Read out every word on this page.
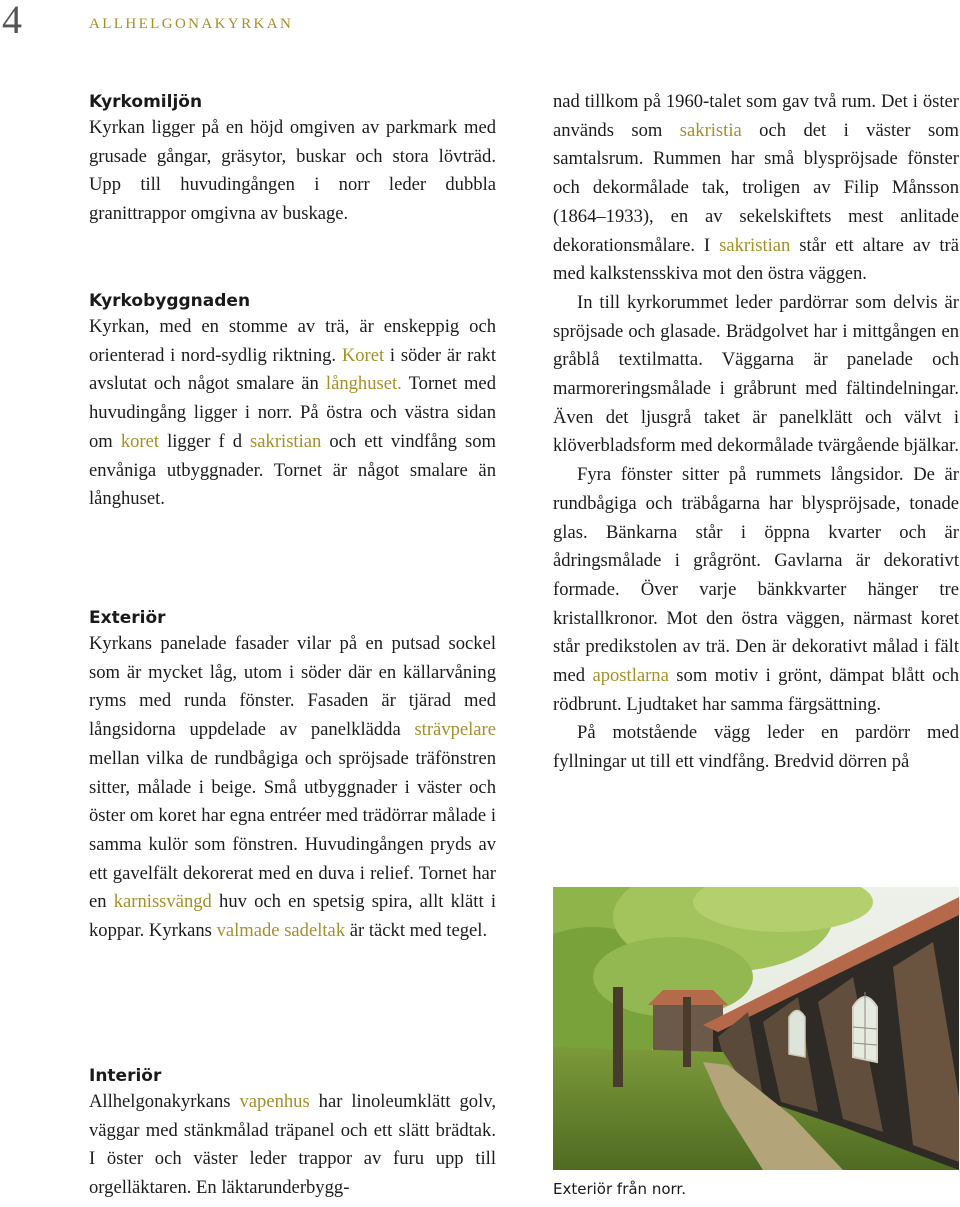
4	ALLHELGONAKYRKAN
Kyrkomiljön

Kyrkan ligger på en höjd omgiven av parkmark med grusade gångar, gräsytor, buskar och stora lövträd. Upp till huvudingången i norr leder dubbla granittrappor omgivna av buskage.

Kyrkobyggnaden

Kyrkan, med en stomme av trä, är enskeppig och orienterad i nord-sydlig riktning. Koret i söder är rakt avslutat och något smalare än långhuset. Tornet med huvudingång ligger i norr. På östra och västra sidan om koret ligger f d sakristian och ett vindfång som envåniga utbyggnader. Tornet är något smalare än långhuset.

Exteriör

Kyrkans panelade fasader vilar på en putsad sockel som är mycket låg, utom i söder där en källarvåning ryms med runda fönster. Fasaden är tjärad med långsidorna uppdelade av panelklädda strävpelare mellan vilka de rundbågiga och spröjsade träfönstren sitter, målade i beige. Små utbyggnader i väster och öster om koret har egna entréer med trädörrar målade i samma kulör som fönstren. Huvudingången pryds av ett gavelfält dekorerat med en duva i relief. Tornet har en karnissvängd huv och en spetsig spira, allt klätt i koppar. Kyrkans valmade sadeltak är täckt med tegel.

Interiör

Allhelgonakyrkans vapenhus har linoleumklätt golv, väggar med stänkmålad träpanel och ett slätt brädtak. I öster och väster leder trappor av furu upp till orgelläktaren. En läktarunderbygg-

nad tillkom på 1960-talet som gav två rum. Det i öster används som sakristia och det i väster som samtalsrum. Rummen har små blyspröjsade fönster och dekormålade tak, troligen av Filip Månsson (1864–1933), en av sekelskiftets mest anlitade dekorationsmålare. I sakristian står ett altare av trä med kalkstensskiva mot den östra väggen.

In till kyrkorummet leder pardörrar som delvis är spröjsade och glasade. Brädgolvet har i mittgången en gråblå textilmatta. Väggarna är panelade och marmoreringsmålade i gråbrunt med fältindelningar. Även det ljusgrå taket är panelklätt och välvt i klöverbladsform med dekormålade tvärgående bjälkar.

Fyra fönster sitter på rummets långsidor. De är rundbågiga och träbågarna har blyspröjsade, tonade glas. Bänkarna står i öppna kvarter och är ådringsmålade i grågrönt. Gavlarna är dekorativt formade. Över varje bänkkvarter hänger tre kristallkronor. Mot den östra väggen, närmast koret står predikstolen av trä. Den är dekorativt målad i fält med apostlarna som motiv i grönt, dämpat blått och rödbrunt. Ljudtaket har samma färgsättning.

På motstående vägg leder en pardörr med fyllningar ut till ett vindfång. Bredvid dörren på

Exteriör från norr.
